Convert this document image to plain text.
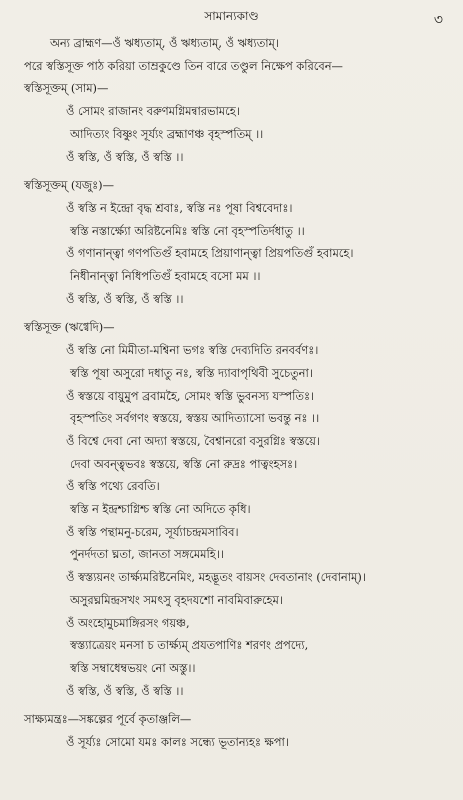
সামান্যকাণ্ড	৩
অন্য ব্রাহ্মণ—ওঁ ঋধ্যতাম্, ওঁ ঋধ্যতাম্, ওঁ ঋধ্যতাম্।
পরে স্বস্তিসূক্ত পাঠ করিয়া তাম্রকুণ্ডে তিন বারে তণ্ডুল নিক্ষেপ করিবেন—
স্বস্তিসূক্তম্ (সাম)—
ওঁ সোমং রাজানং বরুণমগ্নিমন্বারভামহে।
আদিত্যং বিষ্ণুং সূর্য্যং ব্রহ্মাণঞ্চ বৃহস্পতিম্ ।।
ওঁ স্বস্তি, ওঁ স্বস্তি, ওঁ স্বস্তি ।।
স্বস্তিসূক্তম্ (যজুঃ)—
ওঁ স্বস্তি ন ইন্দ্রো বৃদ্ধ শ্রবাঃ, স্বস্তি নঃ পূষা বিশ্ববেদাঃ।
স্বস্তি নস্তার্ক্ষ্যো অরিষ্টনেমিঃ স্বস্তি নো বৃহস্পতির্দধাতু ।।
ওঁ গণানান্ত্বা গণপতিগুঁ হবামহে প্রিয়াণান্ত্বা প্রিয়পতিগুঁ হবামহে।
নিধীনান্ত্বা নিধিপতিগুঁ হবামহে বসো মম ।।
ওঁ স্বস্তি, ওঁ স্বস্তি, ওঁ স্বস্তি ।।
স্বস্তিসূক্ত (ঋগ্বেদি)—
ওঁ স্বস্তি নো মিমীতা-মশ্বিনা ভগঃ স্বস্তি দেব্যদিতি রনবর্বণঃ।
স্বস্তি পূষা অসুরো দধাতু নঃ, স্বস্তি দ্যাবাপৃথিবী সুচেতুনা।
ওঁ স্বস্তয়ে বায়ুমুপ ব্রবামহৈ, সোমং স্বস্তি ভুবনস্য যস্পতিঃ।
বৃহস্পতিং সর্বগণং স্বস্তয়ে, স্বস্তয় আদিত্যাসো ভবন্তু নঃ ।।
ওঁ বিশ্বে দেবা নো অদ্যা স্বস্তয়ে, বৈশ্বানরো বসুরগ্নিঃ স্বস্তয়ে।
দেবা অবন্ত্বৃভবঃ স্বস্তয়ে, স্বস্তি নো রুদ্রঃ পাত্বংহসঃ।
ওঁ স্বস্তি পথ্যে রেবতি।
স্বস্তি ন ইন্দ্রশ্চাগ্নিশ্চ স্বস্তি নো অদিতে কৃধি।
ওঁ স্বস্তি পন্থামনু-চরেম, সূর্য্যাচন্দ্রমসাবিব।
পুনর্দদতা ঘ্নতা, জানতা সঙ্গমেমহি।।
ওঁ স্বস্ত্যয়নং তার্ক্ষ্যমরিষ্টনেমিং, মহদ্ভূতং বায়সং দেবতানাং (দেবানাম্)।
অসুরঘ্নমিন্দ্রসখং সমৎসু বৃহদযশো নাবমিবারুহেম।
ওঁ অংহোমুচমাঙ্গিরসং গয়ঞ্চ,
স্বস্ত্যাত্রেয়ং মনসা চ তার্ক্ষ্যম্ প্রযতপাণিঃ শরণং প্রপদ্যে,
স্বস্তি সম্বাধেম্বভয়ং নো অস্তু।।
ওঁ স্বস্তি, ওঁ স্বস্তি, ওঁ স্বস্তি ।।
সাক্ষ্যমন্ত্রঃ—সঙ্কল্পের পূর্বে কৃতাঞ্জলি—
ওঁ সূর্য্যঃ সোমো যমঃ কালঃ সন্ধ্যে ভূতান্যহঃ ক্ষপা।
